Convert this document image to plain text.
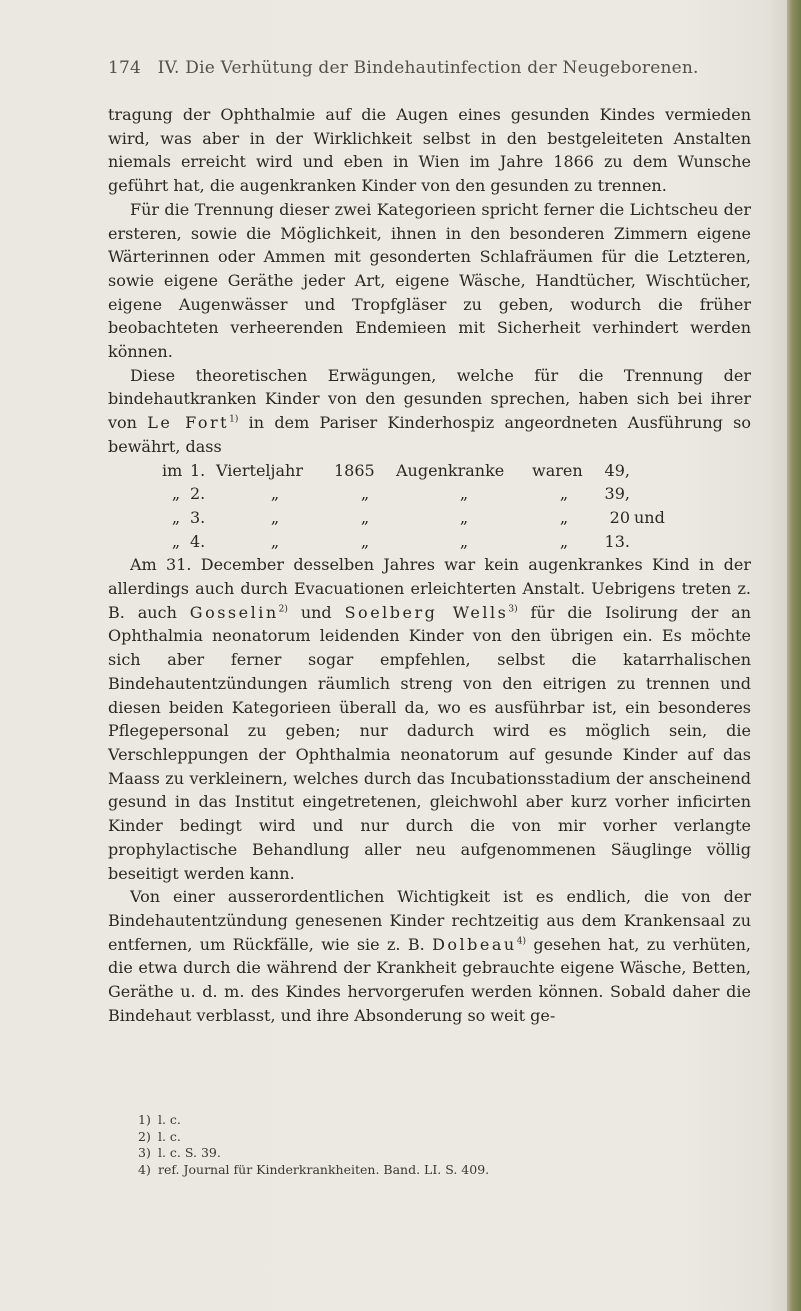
174 IV. Die Verhütung der Bindehautinfection der Neugeborenen.

tragung der Ophthalmie auf die Augen eines gesunden Kindes vermieden wird, was aber in der Wirklichkeit selbst in den bestgeleiteten Anstalten niemals erreicht wird und eben in Wien im Jahre 1866 zu dem Wunsche geführt hat, die augenkranken Kinder von den gesunden zu trennen.

Für die Trennung dieser zwei Kategorieen spricht ferner die Lichtscheu der ersteren, sowie die Möglichkeit, ihnen in den besonderen Zimmern eigene Wärterinnen oder Ammen mit gesonderten Schlafräumen für die Letzteren, sowie eigene Geräthe jeder Art, eigene Wäsche, Handtücher, Wischtücher, eigene Augenwässer und Tropfgläser zu geben, wodurch die früher beobachteten verheerenden Endemieen mit Sicherheit verhindert werden können.

Diese theoretischen Erwägungen, welche für die Trennung der bindehautkranken Kinder von den gesunden sprechen, haben sich bei ihrer von Le Fort$^{1)}$ in dem Pariser Kinderhospiz angeordneten Ausführung so bewährt, dass

im	1.	Vierteljahr	1865	Augenkranke	waren	49,	

„	2.	„	„	„	„	39,	

„	3.	„	„	„	„	20	und

„	4.	„	„	„	„	13.	

Am 31. December desselben Jahres war kein augenkrankes Kind in der allerdings auch durch Evacuationen erleichterten Anstalt. Uebrigens treten z. B. auch Gosselin$^{2)}$ und Soelberg Wells$^{3)}$ für die Isolirung der an Ophthalmia neonatorum leidenden Kinder von den übrigen ein. Es möchte sich aber ferner sogar empfehlen, selbst die katarrhalischen Bindehautentzündungen räumlich streng von den eitrigen zu trennen und diesen beiden Kategorieen überall da, wo es ausführbar ist, ein besonderes Pflegepersonal zu geben; nur dadurch wird es möglich sein, die Verschleppungen der Ophthalmia neonatorum auf gesunde Kinder auf das Maass zu verkleinern, welches durch das Incubationsstadium der anscheinend gesund in das Institut eingetretenen, gleichwohl aber kurz vorher inficirten Kinder bedingt wird und nur durch die von mir vorher verlangte prophylactische Behandlung aller neu aufgenommenen Säuglinge völlig beseitigt werden kann.

Von einer ausserordentlichen Wichtigkeit ist es endlich, die von der Bindehautentzündung genesenen Kinder rechtzeitig aus dem Krankensaal zu entfernen, um Rückfälle, wie sie z. B. Dolbeau$^{4)}$ gesehen hat, zu verhüten, die etwa durch die während der Krankheit gebrauchte eigene Wäsche, Betten, Geräthe u. d. m. des Kindes hervorgerufen werden können. Sobald daher die Bindehaut verblasst, und ihre Absonderung so weit ge-

1) l. c.
2) l. c.
3) l. c. S. 39.
4) ref. Journal für Kinderkrankheiten. Band. LI. S. 409.
